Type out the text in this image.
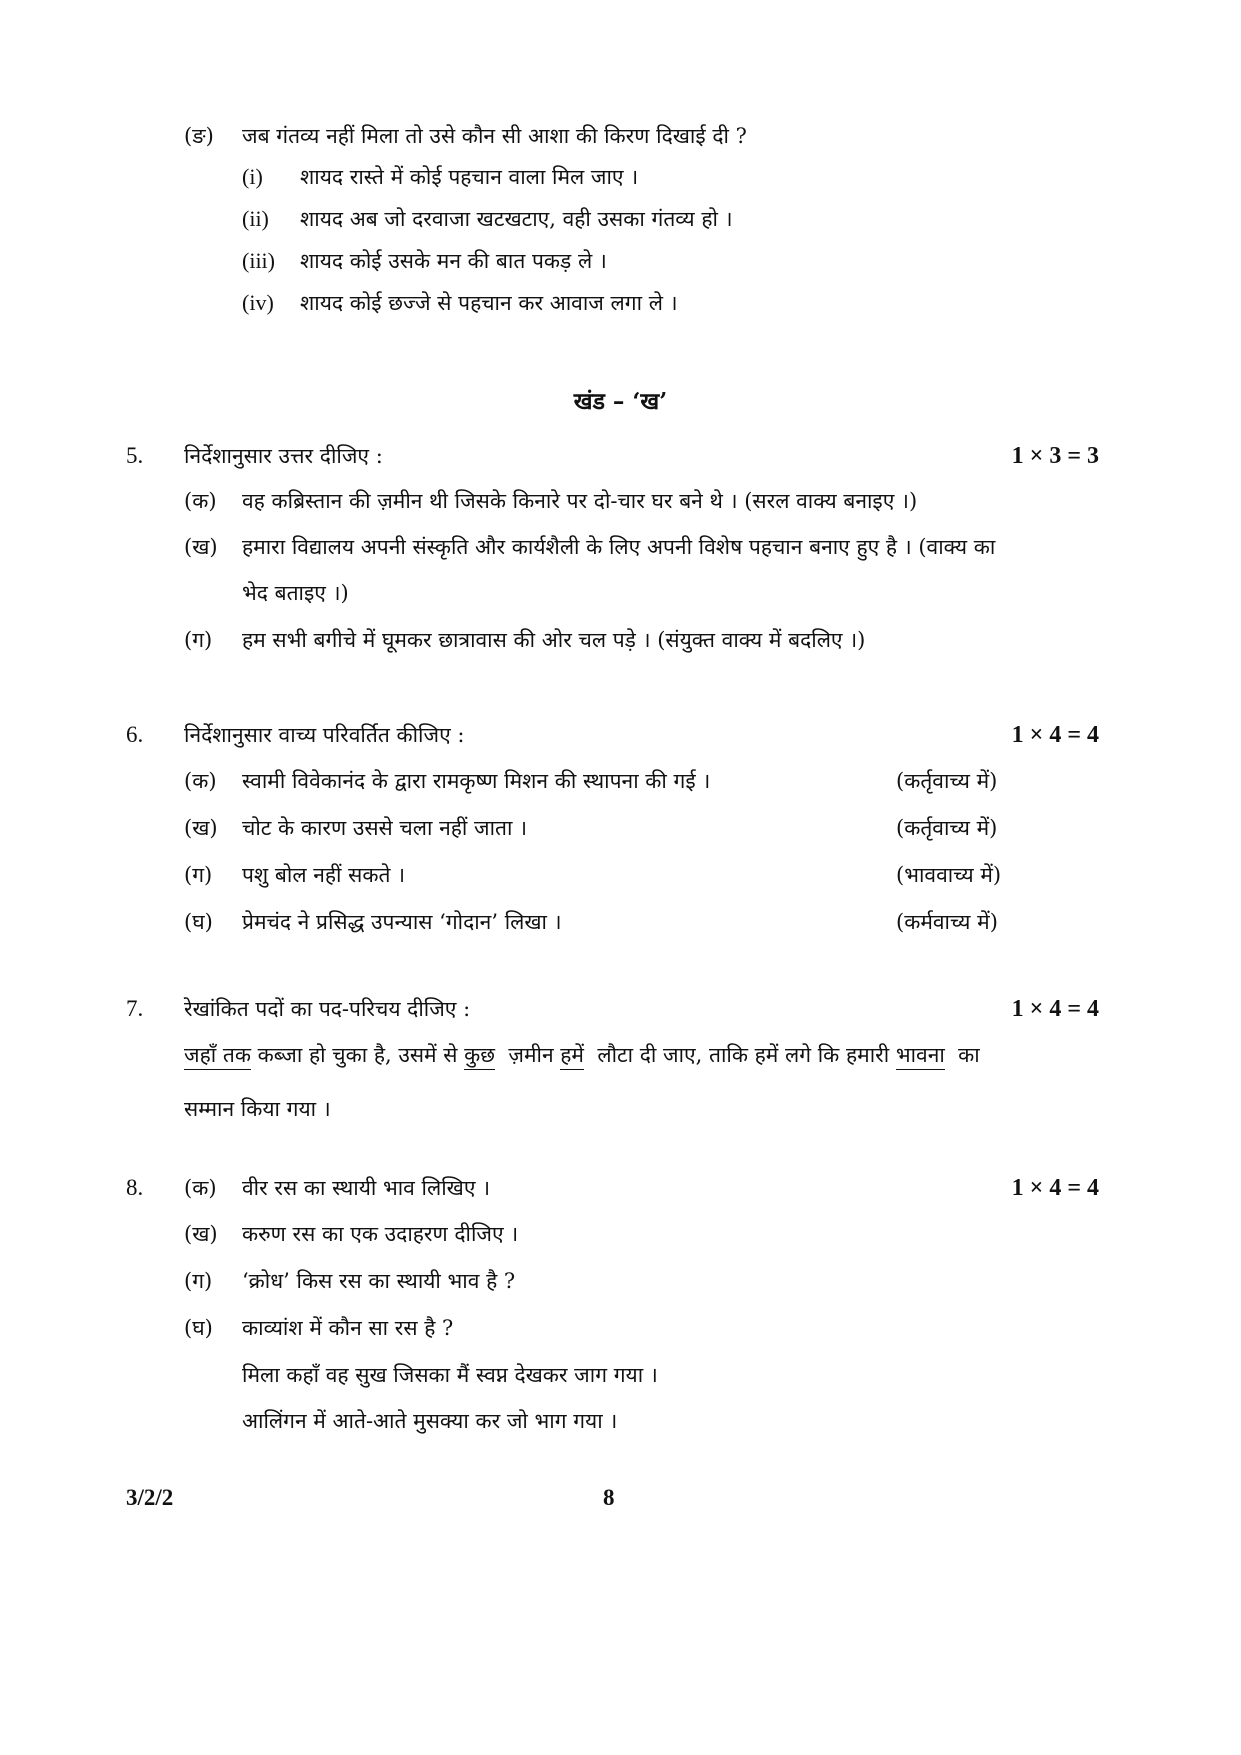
(ङ) जब गंतव्य नहीं मिला तो उसे कौन सी आशा की किरण दिखाई दी ?
(i) शायद रास्ते में कोई पहचान वाला मिल जाए ।
(ii) शायद अब जो दरवाजा खटखटाए, वही उसका गंतव्य हो ।
(iii) शायद कोई उसके मन की बात पकड़ ले ।
(iv) शायद कोई छज्जे से पहचान कर आवाज लगा ले ।
खंड – ‘ख’
5. निर्देशानुसार उत्तर दीजिए :	1 × 3 = 3
(क) वह कब्रिस्तान की ज़मीन थी जिसके किनारे पर दो-चार घर बने थे । (सरल वाक्य बनाइए ।)
(ख) हमारा विद्यालय अपनी संस्कृति और कार्यशैली के लिए अपनी विशेष पहचान बनाए हुए है । (वाक्य का
भेद बताइए ।)
(ग) हम सभी बगीचे में घूमकर छात्रावास की ओर चल पड़े । (संयुक्त वाक्य में बदलिए ।)
6. निर्देशानुसार वाच्य परिवर्तित कीजिए :	1 × 4 = 4
(क) स्वामी विवेकानंद के द्वारा रामकृष्ण मिशन की स्थापना की गई ।	(कर्तृवाच्य में)
(ख) चोट के कारण उससे चला नहीं जाता ।	(कर्तृवाच्य में)
(ग) पशु बोल नहीं सकते ।	(भाववाच्य में)
(घ) प्रेमचंद ने प्रसिद्ध उपन्यास ‘गोदान’ लिखा ।	(कर्मवाच्य में)
7. रेखांकित पदों का पद-परिचय दीजिए :	1 × 4 = 4
जहाँ तक कब्जा हो चुका है, उसमें से कुछ  ज़मीन हमें  लौटा दी जाए, ताकि हमें लगे कि हमारी भावना  का
सम्मान किया गया ।
8.	1 × 4 = 4
(क) वीर रस का स्थायी भाव लिखिए ।
(ख) करुण रस का एक उदाहरण दीजिए ।
(ग) ‘क्रोध’ किस रस का स्थायी भाव है ?
(घ) काव्यांश में कौन सा रस है ?
मिला कहाँ वह सुख जिसका मैं स्वप्न देखकर जाग गया ।
आलिंगन में आते-आते मुसक्या कर जो भाग गया ।
3/2/2	8
